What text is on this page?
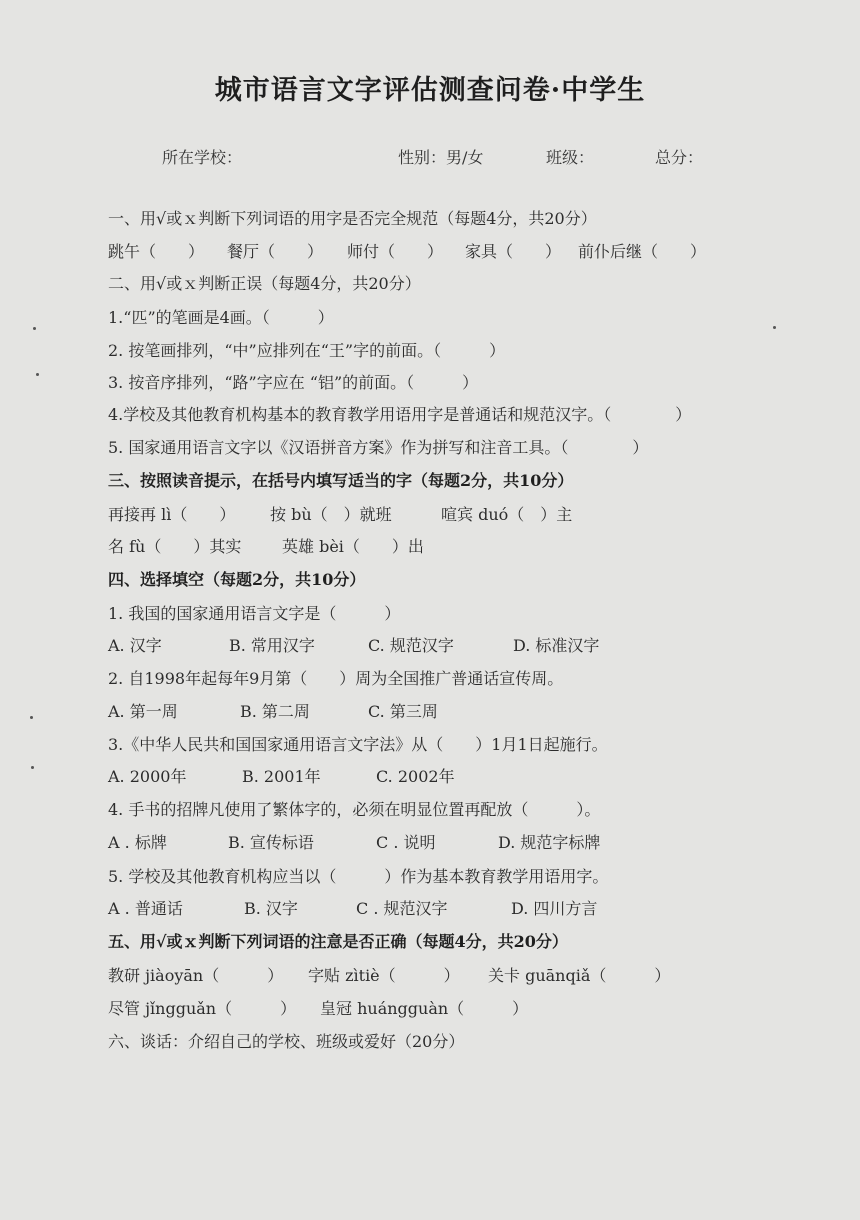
城市语言文字评估测查问卷·中学生
所在学校：	性别：男/女	班级：	总分：
一、用√或ｘ判断下列词语的用字是否完全规范（每题4分，共20分）
跳午（　　） 餐厅（　　） 师付（　　） 家具（　　） 前仆后继（　　）
二、用√或ｘ判断正误（每题4分，共20分）
1.“匹”的笔画是4画。（　　　）
2. 按笔画排列，“中”应排列在“王”字的前面。（　　　）
3. 按音序排列，“路”字应在 “铝”的前面。（　　　）
4.学校及其他教育机构基本的教育教学用语用字是普通话和规范汉字。（　　　　）
5. 国家通用语言文字以《汉语拼音方案》作为拼写和注音工具。（　　　　）
三、按照读音提示，在括号内填写适当的字（每题2分，共10分）
再接再 lì（　　） 按 bù（　）就班	喧宾 duó（　）主
名 fù（　　）其实	英雄 bèi（　　）出
四、选择填空（每题2分，共10分）
1. 我国的国家通用语言文字是（　　　）
A. 汉字	B. 常用汉字	C. 规范汉字	D. 标准汉字
2. 自1998年起每年9月第（　　）周为全国推广普通话宣传周。
A. 第一周	B. 第二周	C. 第三周
3.《中华人民共和国国家通用语言文字法》从（　　）1月1日起施行。
A. 2000年	B. 2001年	C. 2002年
4. 手书的招牌凡使用了繁体字的，必须在明显位置再配放（　　　）。
A . 标牌	B. 宣传标语	C . 说明	D. 规范字标牌
5. 学校及其他教育机构应当以（　　　）作为基本教育教学用语用字。
A . 普通话	B. 汉字	C . 规范汉字	D. 四川方言
五、用√或ｘ判断下列词语的注意是否正确（每题4分，共20分）
教研 jiàoyān（　　　） 字贴 zìtiè（　　　） 关卡 guānqiǎ（　　　）
尽管 jǐngguǎn（　　　） 皇冠 huángguàn（　　　）
六、谈话：介绍自己的学校、班级或爱好（20分）
